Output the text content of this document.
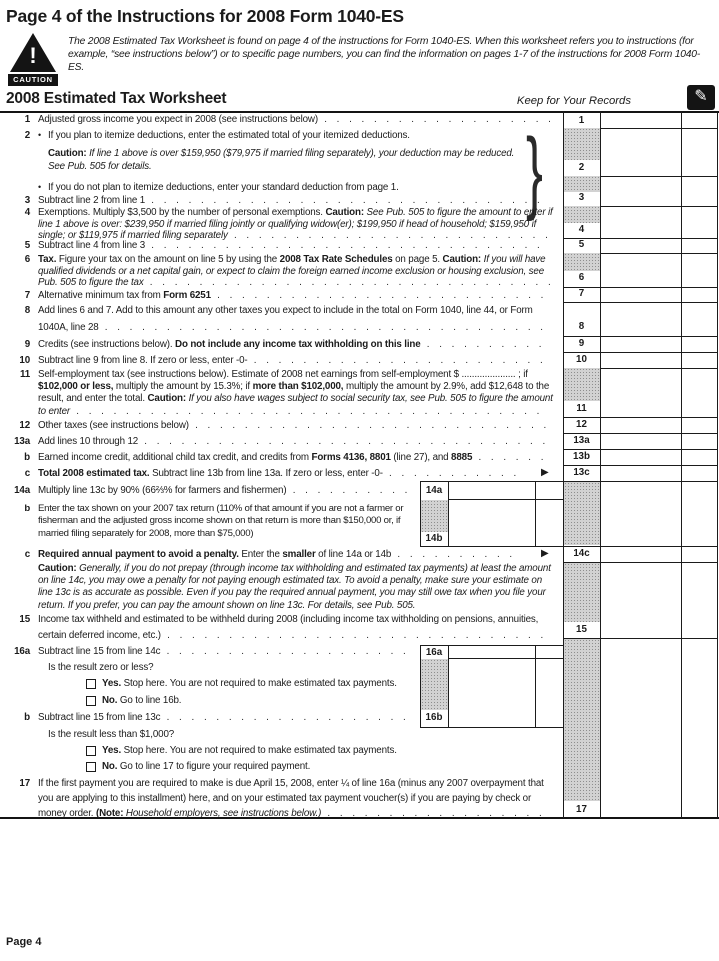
Page 4 of the Instructions for 2008 Form 1040-ES
!
CAUTION
The 2008 Estimated Tax Worksheet is found on page 4 of the instructions for Form 1040-ES. When this worksheet refers you to instructions (for example, “see instructions below”) or to specific page numbers, you can find the information on pages 1-7 of the instructions for 2008 Form 1040-ES.
2008 Estimated Tax Worksheet	Keep for Your Records	✎
1
2
3
4
5
6
7
8
9
10
11
12
13a
13b
13c
14c
15
17
14a
14b
16a
16b
}
▶
▶
1 Adjusted gross income you expect in 2008 (see instructions below) . .
2 • If you plan to itemize deductions, enter the estimated total of your itemized deductions.
Caution: If line 1 above is over $159,950 ($79,975 if married filing separately), your deduction may be reduced. See Pub. 505 for details.
• If you do not plan to itemize deductions, enter your standard deduction from page 1.
3 Subtract line 2 from line 1 . .
4 Exemptions. Multiply $3,500 by the number of personal exemptions. Caution: See Pub. 505 to figure the amount to enter if line 1 above is over: $239,950 if married filing jointly or qualifying widow(er); $199,950 if head of household; $159,950 if single; or $119,975 if married filing separately . .
5 Subtract line 4 from line 3 . .
6 Tax. Figure your tax on the amount on line 5 by using the 2008 Tax Rate Schedules on page 5. Caution: If you will have qualified dividends or a net capital gain, or expect to claim the foreign earned income exclusion or housing exclusion, see Pub. 505 to figure the tax . .
7 Alternative minimum tax from Form 6251 . .
8 Add lines 6 and 7. Add to this amount any other taxes you expect to include in the total on Form 1040, line 44, or Form 1040A, line 28 . .
9 Credits (see instructions below). Do not include any income tax withholding on this line . .
10 Subtract line 9 from line 8. If zero or less, enter -0- . .
11 Self-employment tax (see instructions below). Estimate of 2008 net earnings from self-employment $ ..................... ; if $102,000 or less, multiply the amount by 15.3%; if more than $102,000, multiply the amount by 2.9%, add $12,648 to the result, and enter the total. Caution: If you also have wages subject to social security tax, see Pub. 505 to figure the amount to enter . .
12 Other taxes (see instructions below) . .
13a Add lines 10 through 12 . .
b Earned income credit, additional child tax credit, and credits from Forms 4136, 8801 (line 27), and 8885 . .
c Total 2008 estimated tax. Subtract line 13b from line 13a. If zero or less, enter -0- . .
14a Multiply line 13c by 90% (66⅔% for farmers and fishermen) . .
b Enter the tax shown on your 2007 tax return (110% of that amount if you are not a farmer or fisherman and the adjusted gross income shown on that return is more than $150,000 or, if married filing separately for 2008, more than $75,000)
c Required annual payment to avoid a penalty. Enter the smaller of line 14a or 14b . .
Caution: Generally, if you do not prepay (through income tax withholding and estimated tax payments) at least the amount on line 14c, you may owe a penalty for not paying enough estimated tax. To avoid a penalty, make sure your estimate on line 13c is as accurate as possible. Even if you pay the required annual payment, you may still owe tax when you file your return. If you prefer, you can pay the amount shown on line 13c. For details, see Pub. 505.
15 Income tax withheld and estimated to be withheld during 2008 (including income tax withholding on pensions, annuities, certain deferred income, etc.) . .
16a Subtract line 15 from line 14c . .
Is the result zero or less?
Yes. Stop here. You are not required to make estimated tax payments.
No. Go to line 16b.
b Subtract line 15 from line 13c . .
Is the result less than $1,000?
Yes. Stop here. You are not required to make estimated tax payments.
No. Go to line 17 to figure your required payment.
17 If the first payment you are required to make is due April 15, 2008, enter ¼ of line 16a (minus any 2007 overpayment that you are applying to this installment) here, and on your estimated tax payment voucher(s) if you are paying by check or money order. (Note: Household employers, see instructions below.) . .
Page 4
